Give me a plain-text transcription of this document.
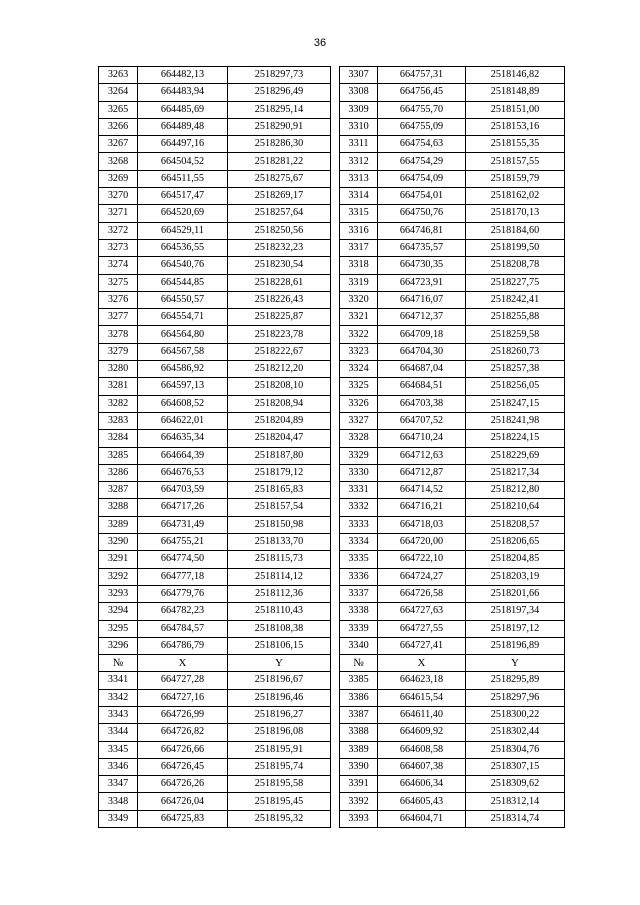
36
3263	664482,13	2518297,73		3307	664757,31	2518146,82
3264	664483,94	2518296,49		3308	664756,45	2518148,89
3265	664485,69	2518295,14		3309	664755,70	2518151,00
3266	664489,48	2518290,91		3310	664755,09	2518153,16
3267	664497,16	2518286,30		3311	664754,63	2518155,35
3268	664504,52	2518281,22		3312	664754,29	2518157,55
3269	664511,55	2518275,67		3313	664754,09	2518159,79
3270	664517,47	2518269,17		3314	664754,01	2518162,02
3271	664520,69	2518257,64		3315	664750,76	2518170,13
3272	664529,11	2518250,56		3316	664746,81	2518184,60
3273	664536,55	2518232,23		3317	664735,57	2518199,50
3274	664540,76	2518230,54		3318	664730,35	2518208,78
3275	664544,85	2518228,61		3319	664723,91	2518227,75
3276	664550,57	2518226,43		3320	664716,07	2518242,41
3277	664554,71	2518225,87		3321	664712,37	2518255,88
3278	664564,80	2518223,78		3322	664709,18	2518259,58
3279	664567,58	2518222,67		3323	664704,30	2518260,73
3280	664586,92	2518212,20		3324	664687,04	2518257,38
3281	664597,13	2518208,10		3325	664684,51	2518256,05
3282	664608,52	2518208,94		3326	664703,38	2518247,15
3283	664622,01	2518204,89		3327	664707,52	2518241,98
3284	664635,34	2518204,47		3328	664710,24	2518224,15
3285	664664,39	2518187,80		3329	664712,63	2518229,69
3286	664676,53	2518179,12		3330	664712,87	2518217,34
3287	664703,59	2518165,83		3331	664714,52	2518212,80
3288	664717,26	2518157,54		3332	664716,21	2518210,64
3289	664731,49	2518150,98		3333	664718,03	2518208,57
3290	664755,21	2518133,70		3334	664720,00	2518206,65
3291	664774,50	2518115,73		3335	664722,10	2518204,85
3292	664777,18	2518114,12		3336	664724,27	2518203,19
3293	664779,76	2518112,36		3337	664726,58	2518201,66
3294	664782,23	2518110,43		3338	664727,63	2518197,34
3295	664784,57	2518108,38		3339	664727,55	2518197,12
3296	664786,79	2518106,15		3340	664727,41	2518196,89
№	X	Y		№	X	Y
3341	664727,28	2518196,67		3385	664623,18	2518295,89
3342	664727,16	2518196,46		3386	664615,54	2518297,96
3343	664726,99	2518196,27		3387	664611,40	2518300,22
3344	664726,82	2518196,08		3388	664609,92	2518302,44
3345	664726,66	2518195,91		3389	664608,58	2518304,76
3346	664726,45	2518195,74		3390	664607,38	2518307,15
3347	664726,26	2518195,58		3391	664606,34	2518309,62
3348	664726,04	2518195,45		3392	664605,43	2518312,14
3349	664725,83	2518195,32		3393	664604,71	2518314,74
